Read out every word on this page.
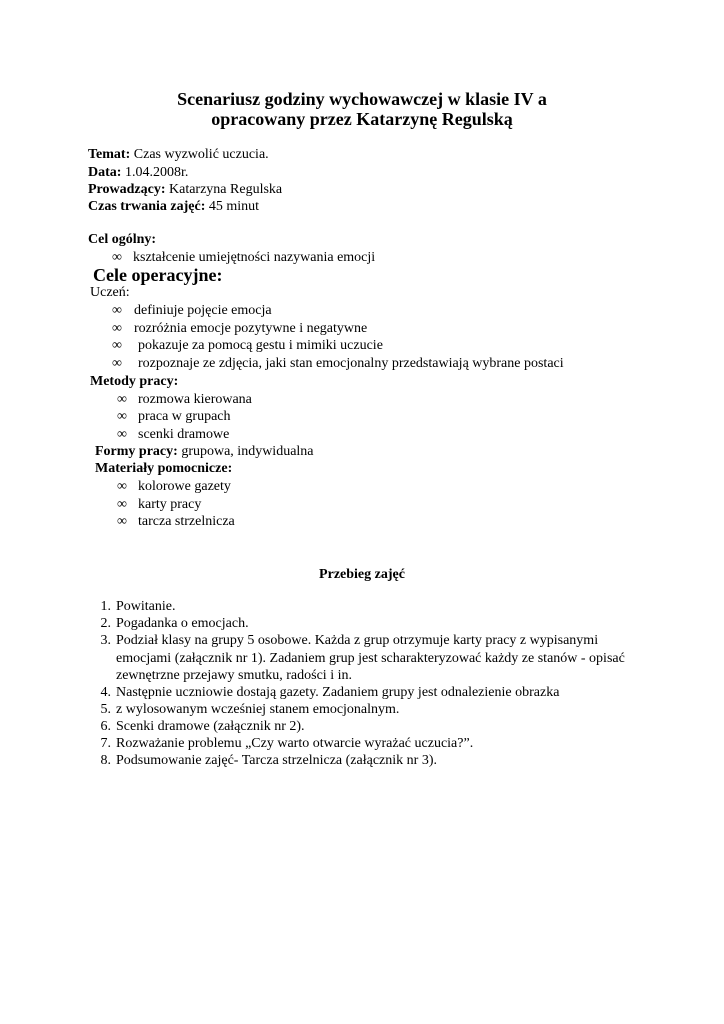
Scenariusz godziny wychowawczej w klasie IV a
opracowany przez Katarzynę Regulską
Temat: Czas wyzwolić uczucia.
Data: 1.04.2008r.
Prowadzący: Katarzyna Regulska
Czas trwania zajęć: 45 minut
Cel ogólny:
∞ kształcenie umiejętności nazywania emocji
Cele operacyjne:
Uczeń:
∞ definiuje pojęcie emocja
∞ rozróżnia emocje pozytywne i negatywne
∞ pokazuje za pomocą gestu i mimiki uczucie
∞ rozpoznaje ze zdjęcia, jaki stan emocjonalny przedstawiają wybrane postaci
Metody pracy:
∞ rozmowa kierowana
∞ praca w grupach
∞ scenki dramowe
Formy pracy: grupowa, indywidualna
Materiały pomocnicze:
∞ kolorowe gazety
∞ karty pracy
∞ tarcza strzelnicza
Przebieg zajęć
1. Powitanie.
2. Pogadanka o emocjach.
3. Podział klasy na grupy 5 osobowe. Każda z grup otrzymuje karty pracy z wypisanymi emocjami (załącznik nr 1). Zadaniem grup jest scharakteryzować każdy ze stanów - opisać zewnętrzne przejawy smutku, radości i in.
4. Następnie uczniowie dostają gazety. Zadaniem grupy jest odnalezienie obrazka
5. z wylosowanym wcześniej stanem emocjonalnym.
6. Scenki dramowe (załącznik nr 2).
7. Rozważanie problemu „Czy warto otwarcie wyrażać uczucia?”.
8. Podsumowanie zajęć- Tarcza strzelnicza (załącznik nr 3).
